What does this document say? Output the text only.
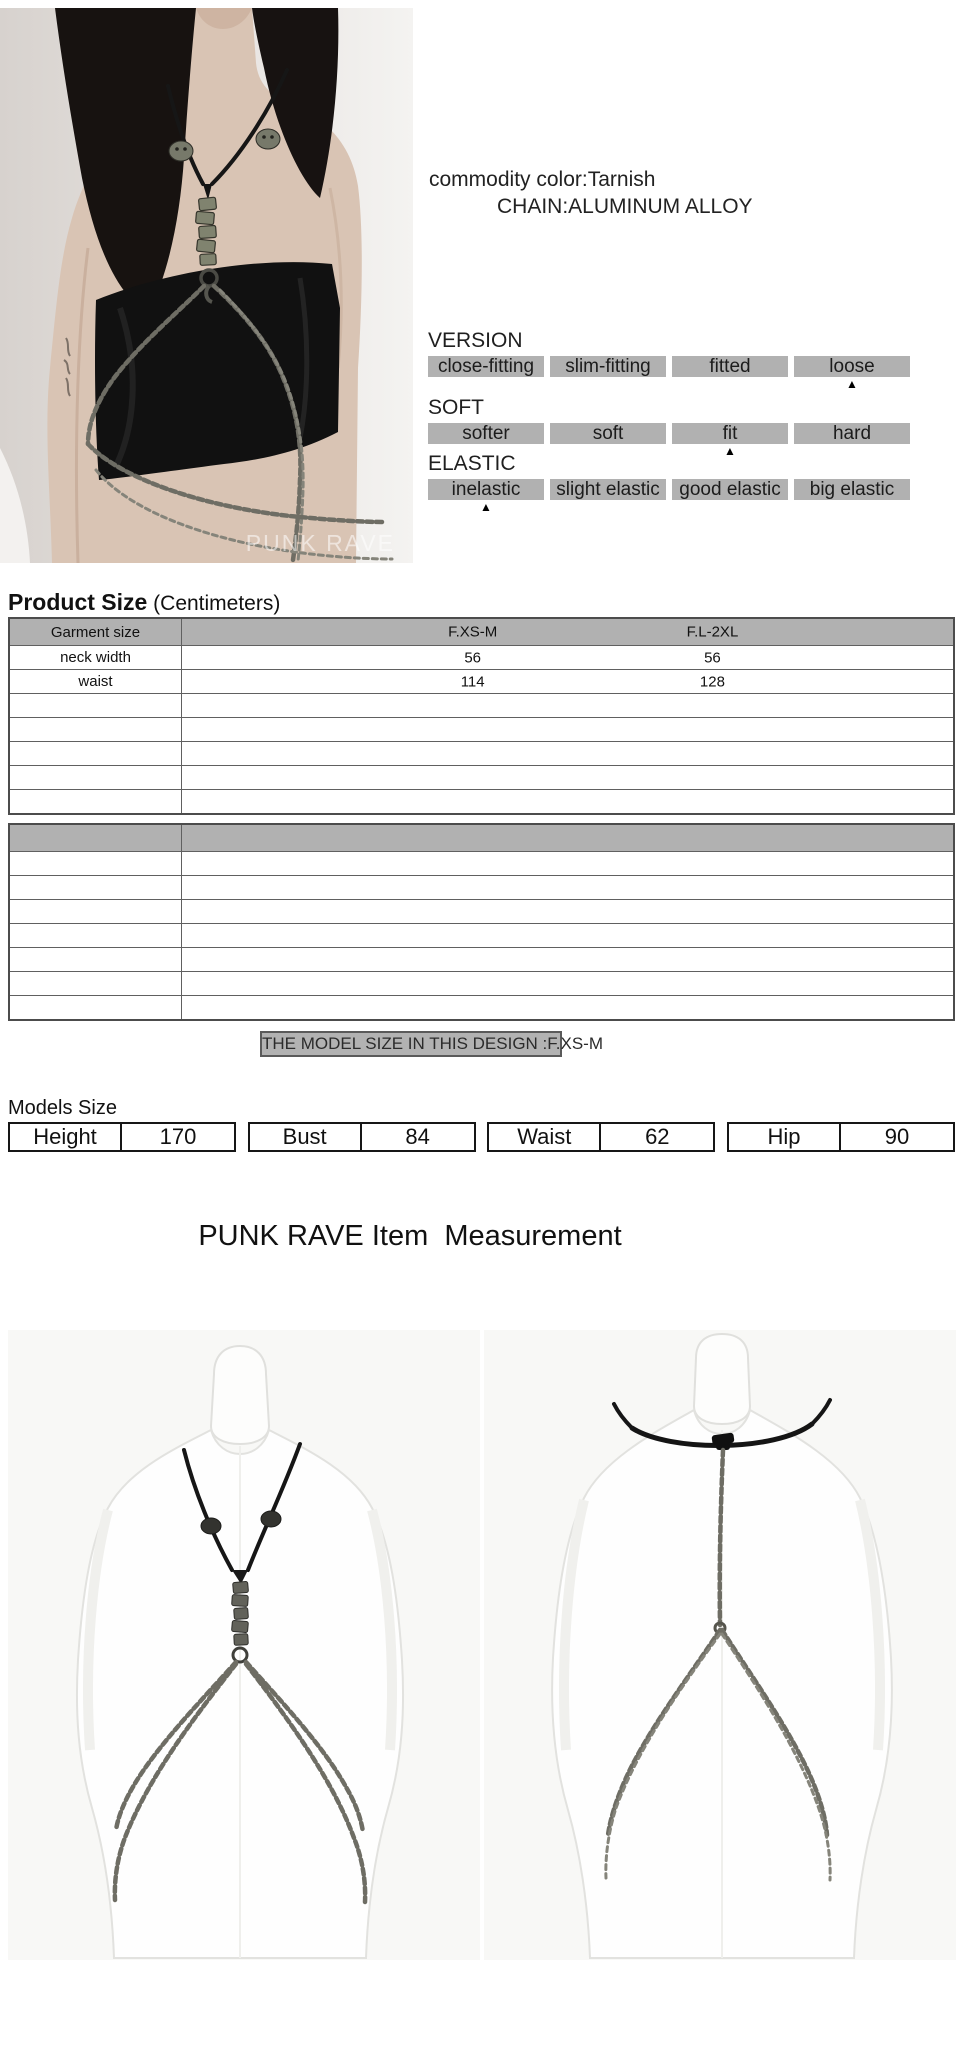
PUNK RAVE
commodity color:Tarnish
CHAIN:ALUMINUM ALLOY
VERSION
close-fitting	slim-fitting	fitted	loose
▲
SOFT
softer	soft	fit	hard
▲
ELASTIC
inelastic	slight elastic	good elastic	big elastic
▲
Product Size (Centimeters)
Garment size	F.XS-M	F.L-2XL
neck width	56	56
waist	114	128
THE MODEL SIZE IN THIS DESIGN :F.XS-M
Models Size
Height	170	Bust	84	Waist	62	Hip	90
PUNK RAVE Item  Measurement
